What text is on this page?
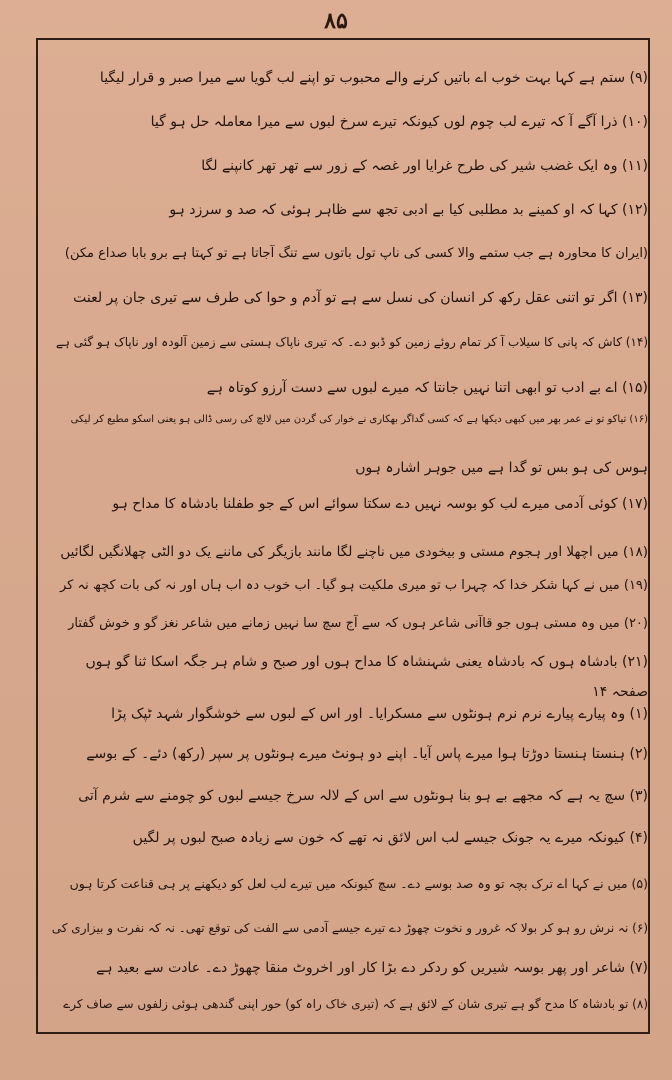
٨۵
(۹) ستم ہے کہا بہت خوب اے باتیں کرنے والے محبوب تو اپنے لب گویا سے میرا صبر و قرار لیگیا
(۱۰) ذرا آگے آ کہ تیرے لب چوم لوں کیونکہ تیرے سرخ لبوں سے میرا معاملہ حل ہو گیا
(۱۱) وہ ایک غضب شیر کی طرح غرایا اور غصہ کے زور سے تھر تھر کانپنے لگا
(۱۲) کہا کہ او کمینے بد مطلبی کیا بے ادبی تجھ سے ظاہر ہوئی کہ صد و سرزد ہو
(ایران کا محاورہ ہے جب ستمے والا کسی کی ناپ تول باتوں سے تنگ آجاتا ہے تو کہتا ہے برو بابا صداع مکن)
(۱۳) اگر تو اتنی عقل رکھ کر انسان کی نسل سے ہے تو آدم و حوا کی طرف سے تیری جان پر لعنت
(۱۴) کاش کہ پانی کا سیلاب آ کر تمام روئے زمین کو ڈبو دے۔ کہ تیری ناپاک ہستی سے زمین آلودہ اور ناپاک ہو گئی ہے
(۱۵) اے بے ادب تو ابھی اتنا نہیں جانتا کہ میرے لبوں سے دست آرزو کوتاہ ہے
(۱۶) تیاکو تو نے عمر بھر میں کبھی دیکھا ہے کہ کسی گداگر بھکاری نے خوار کی گردن میں لالچ کی رسی ڈالی ہو یعنی اسکو مطیع کر لیکی
ہوس کی ہو بس تو گدا ہے میں جوہر اشارہ ہوں
(۱۷) کوئی آدمی میرے لب کو بوسہ نہیں دے سکتا سوائے اس کے جو طفلنا بادشاہ کا مداح ہو
(۱۸) میں اچھلا اور ہجوم مستی و بیخودی میں ناچنے لگا مانند بازیگر کی ماننے یک دو الٹی چھلانگیں لگائیں
(۱۹) میں نے کہا شکر خدا کہ چہرا ب تو میری ملکیت ہو گیا۔ اب خوب دہ اب ہاں اور نہ کی بات کچھ نہ کر
(۲۰) میں وہ مستی ہوں جو قاآنی شاعر ہوں کہ سے آج سچ سا نہیں زمانے میں شاعر نغز گو و خوش گفتار
(۲۱) بادشاہ ہوں کہ بادشاہ یعنی شہنشاہ کا مداح ہوں اور صبح و شام ہر جگہ اسکا ثنا گو ہوں
صفحہ ۱۴
(۱) وہ پیارے پیارے نرم نرم ہونٹوں سے مسکرایا۔ اور اس کے لبوں سے خوشگوار شہد ٹپک پڑا
(۲) ہنستا ہنستا دوڑتا ہوا میرے پاس آیا۔ اپنے دو ہونٹ میرے ہونٹوں پر سپر (رکھ) دئے۔ کے بوسے
(۳) سچ یہ ہے کہ مجھے بے ہو بنا ہونٹوں سے اس کے لالہ سرخ جیسے لبوں کو چومنے سے شرم آتی
(۴) کیونکہ میرے یہ جونک جیسے لب اس لائق نہ تھے کہ خون سے زیادہ صبح لبوں پر لگیں
(۵) میں نے کہا اے ترک بچہ تو وہ صد بوسے دے۔ سچ کیونکہ میں تیرے لب لعل کو دیکھنے پر ہی قناعت کرتا ہوں
(۶) نہ نرش رو ہو کر بولا کہ غرور و نخوت چھوڑ دے تیرے جیسے آدمی سے الفت کی توقع تھی۔ نہ کہ نفرت و بیزاری کی
(۷) شاعر اور پھر بوسہ شیریں کو ردکر دے بڑا کار اور اخروٹ منقا چھوڑ دے۔ عادت سے بعید ہے
(۸) تو بادشاہ کا مدح گو ہے تیری شان کے لائق ہے کہ (تیری خاک راہ کو) حور اپنی گندھی ہوئی زلفوں سے صاف کرے
